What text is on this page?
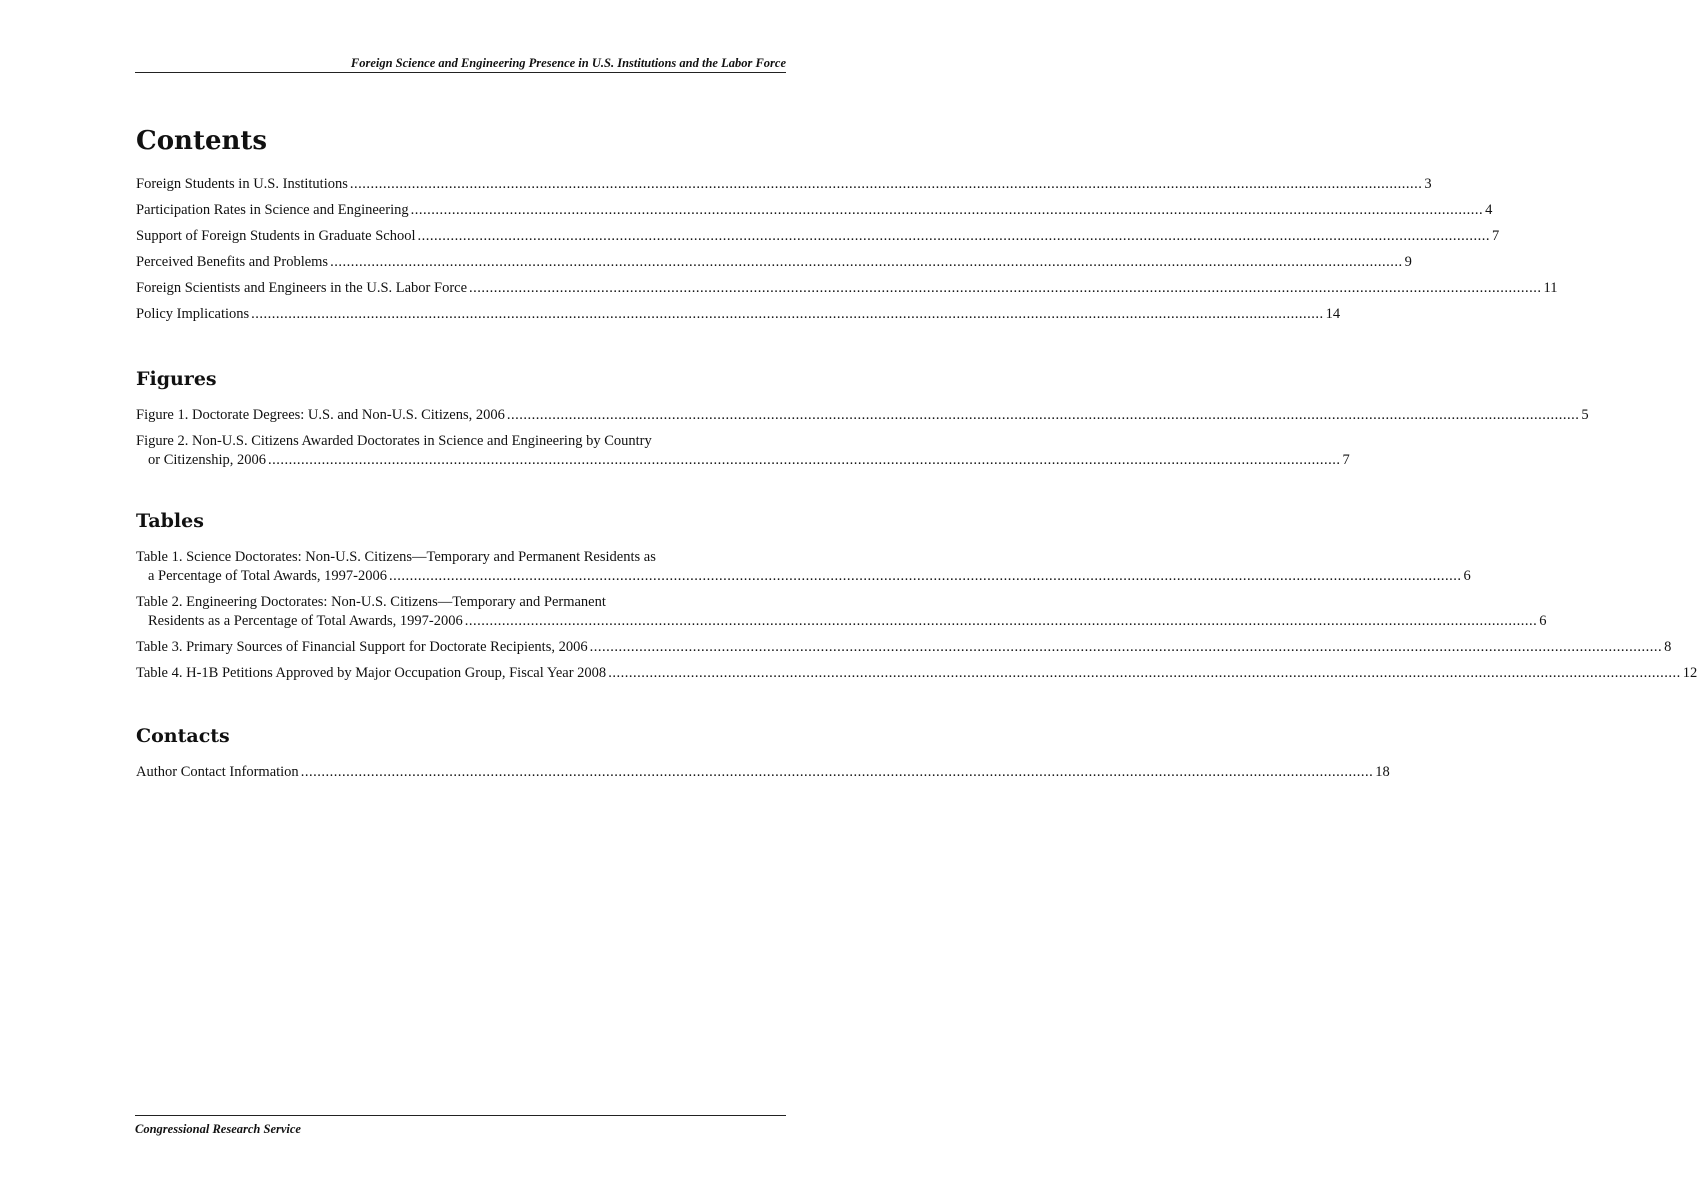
Foreign Science and Engineering Presence in U.S. Institutions and the Labor Force
Contents
Foreign Students in U.S. Institutions .................................................................................................................................................................................................................................................................... 3
Participation Rates in Science and Engineering .................................................................................................................................................................................................................................................................... 4
Support of Foreign Students in Graduate School .................................................................................................................................................................................................................................................................... 7
Perceived Benefits and Problems .................................................................................................................................................................................................................................................................... 9
Foreign Scientists and Engineers in the U.S. Labor Force .................................................................................................................................................................................................................................................................... 11
Policy Implications .................................................................................................................................................................................................................................................................... 14
Figures
Figure 1. Doctorate Degrees: U.S. and Non-U.S. Citizens, 2006 .................................................................................................................................................................................................................................................................... 5
Figure 2. Non-U.S. Citizens Awarded Doctorates in Science and Engineering by Country
or Citizenship, 2006 .................................................................................................................................................................................................................................................................... 7
Tables
Table 1. Science Doctorates: Non-U.S. Citizens—Temporary and Permanent Residents as
a Percentage of Total Awards, 1997-2006 .................................................................................................................................................................................................................................................................... 6
Table 2. Engineering Doctorates: Non-U.S. Citizens—Temporary and Permanent
Residents as a Percentage of Total Awards, 1997-2006 .................................................................................................................................................................................................................................................................... 6
Table 3. Primary Sources of Financial Support for Doctorate Recipients, 2006 .................................................................................................................................................................................................................................................................... 8
Table 4. H-1B Petitions Approved by Major Occupation Group, Fiscal Year 2008 .................................................................................................................................................................................................................................................................... 12
Contacts
Author Contact Information .................................................................................................................................................................................................................................................................... 18
Congressional Research Service
